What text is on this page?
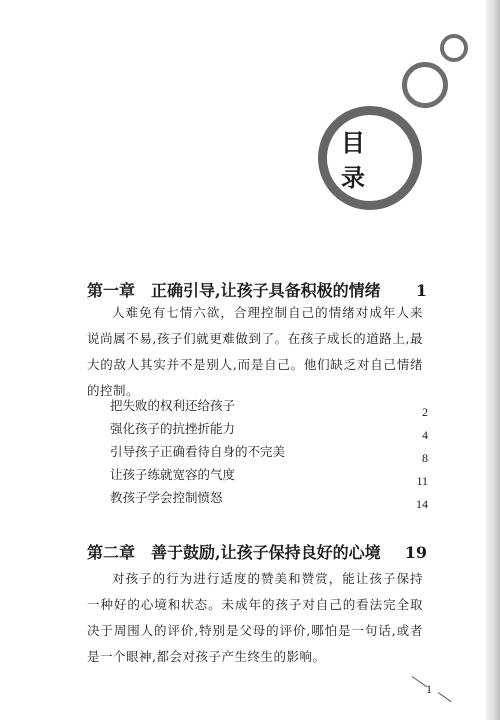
目 录
第一章 正确引导,让孩子具备积极的情绪	1

人难免有七情六欲，合理控制自己的情绪对成年人来说尚属不易,孩子们就更难做到了。在孩子成长的道路上,最大的敌人其实并不是别人,而是自己。他们缺乏对自己情绪的控制。

把失败的权利还给孩子	2
强化孩子的抗挫折能力	4
引导孩子正确看待自身的不完美	8
让孩子练就宽容的气度	11
教孩子学会控制愤怒	14
第二章 善于鼓励,让孩子保持良好的心境	19

对孩子的行为进行适度的赞美和赞赏，能让孩子保持一种好的心境和状态。未成年的孩子对自己的看法完全取决于周围人的评价,特别是父母的评价,哪怕是一句话,或者是一个眼神,都会对孩子产生终生的影响。

1
